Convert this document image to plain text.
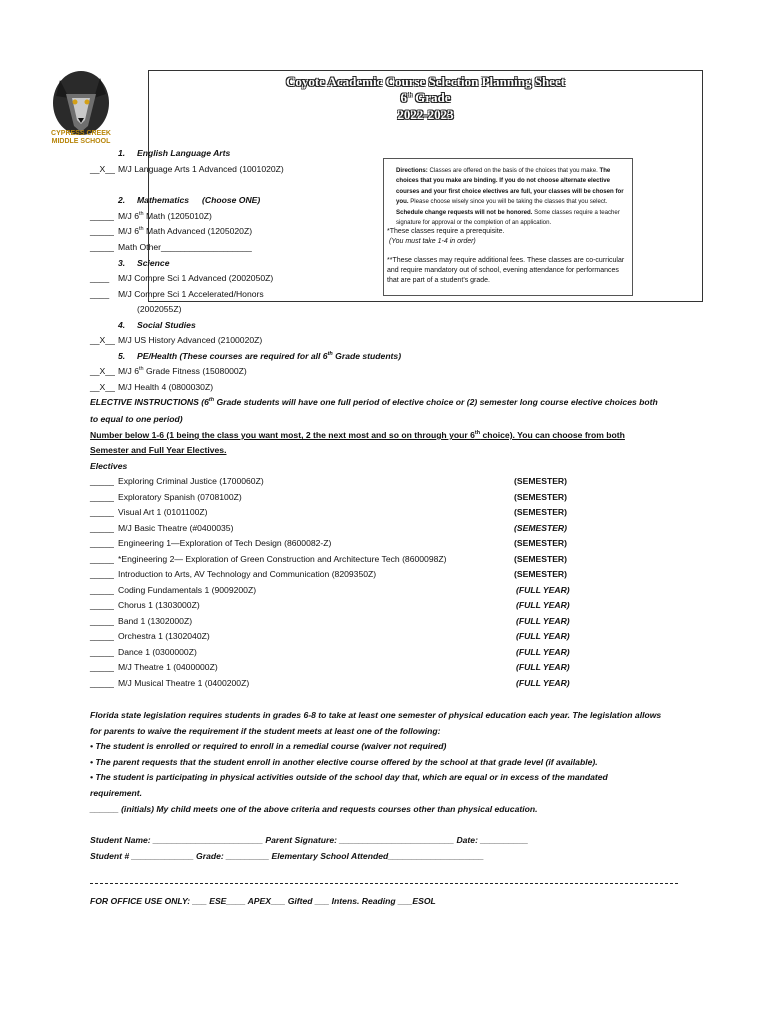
CYPRESS CREEK
MIDDLE SCHOOL
Coyote Academic Course Selection Planning Sheet
6th Grade
2022-2023
1. English Language Arts
__X__ M/J Language Arts 1 Advanced (1001020Z)
2. Mathematics (Choose ONE)
_____ M/J 6th Math (1205010Z)
_____ M/J 6th Math Advanced (1205020Z)
_____ Math Other___________________
3. Science
____ M/J Compre Sci 1 Advanced (2002050Z)
____ M/J Compre Sci 1 Accelerated/Honors
(2002055Z)
Directions: Classes are offered on the basis of the choices that you make. The choices that you make are binding. If you do not choose alternate elective courses and your first choice electives are full, your classes will be chosen for you. Please choose wisely since you will be taking the classes that you select. Schedule change requests will not be honored. Some classes require a teacher signature for approval or the completion of an application.
*These classes require a prerequisite.
(You must take 1-4 in order)
**These classes may require additional fees. These classes are co-curricular and require mandatory out of school, evening attendance for performances that are part of a student’s grade.
4. Social Studies
__X__ M/J US History Advanced (2100020Z)
5. PE/Health (These courses are required for all 6th Grade students)
__X__ M/J 6th Grade Fitness (1508000Z)
__X__ M/J Health 4 (0800030Z)
ELECTIVE INSTRUCTIONS (6th Grade students will have one full period of elective choice or (2) semester long course elective choices both
to equal to one period)
Number below 1-6 (1 being the class you want most, 2 the next most and so on through your 6th choice). You can choose from both
Semester and Full Year Electives.
Electives
_____ Exploring Criminal Justice (1700060Z)	(SEMESTER)
_____ Exploratory Spanish (0708100Z)	(SEMESTER)
_____ Visual Art 1 (0101100Z)	(SEMESTER)
_____ M/J Basic Theatre (#0400035)	(SEMESTER)
_____ Engineering 1—Exploration of Tech Design (8600082-Z)	(SEMESTER)
_____ *Engineering 2— Exploration of Green Construction and Architecture Tech (8600098Z)	(SEMESTER)
_____ Introduction to Arts, AV Technology and Communication (8209350Z)	(SEMESTER)
_____ Coding Fundamentals 1 (9009200Z)	(FULL YEAR)
_____ Chorus 1 (1303000Z)	(FULL YEAR)
_____ Band 1 (1302000Z)	(FULL YEAR)
_____ Orchestra 1 (1302040Z)	(FULL YEAR)
_____ Dance 1 (0300000Z)	(FULL YEAR)
_____ M/J Theatre 1 (0400000Z)	(FULL YEAR)
_____ M/J Musical Theatre 1 (0400200Z)	(FULL YEAR)
Florida state legislation requires students in grades 6-8 to take at least one semester of physical education each year. The legislation allows
for parents to waive the requirement if the student meets at least one of the following:
• The student is enrolled or required to enroll in a remedial course (waiver not required)
• The parent requests that the student enroll in another elective course offered by the school at that grade level (if available).
• The student is participating in physical activities outside of the school day that, which are equal or in excess of the mandated
requirement.
______ (initials) My child meets one of the above criteria and requests courses other than physical education.
Student Name: _______________________ Parent Signature: ________________________ Date: __________
Student # _____________ Grade: _________ Elementary School Attended____________________
FOR OFFICE USE ONLY: ___ ESE____ APEX___ Gifted ___ Intens. Reading ___ESOL
